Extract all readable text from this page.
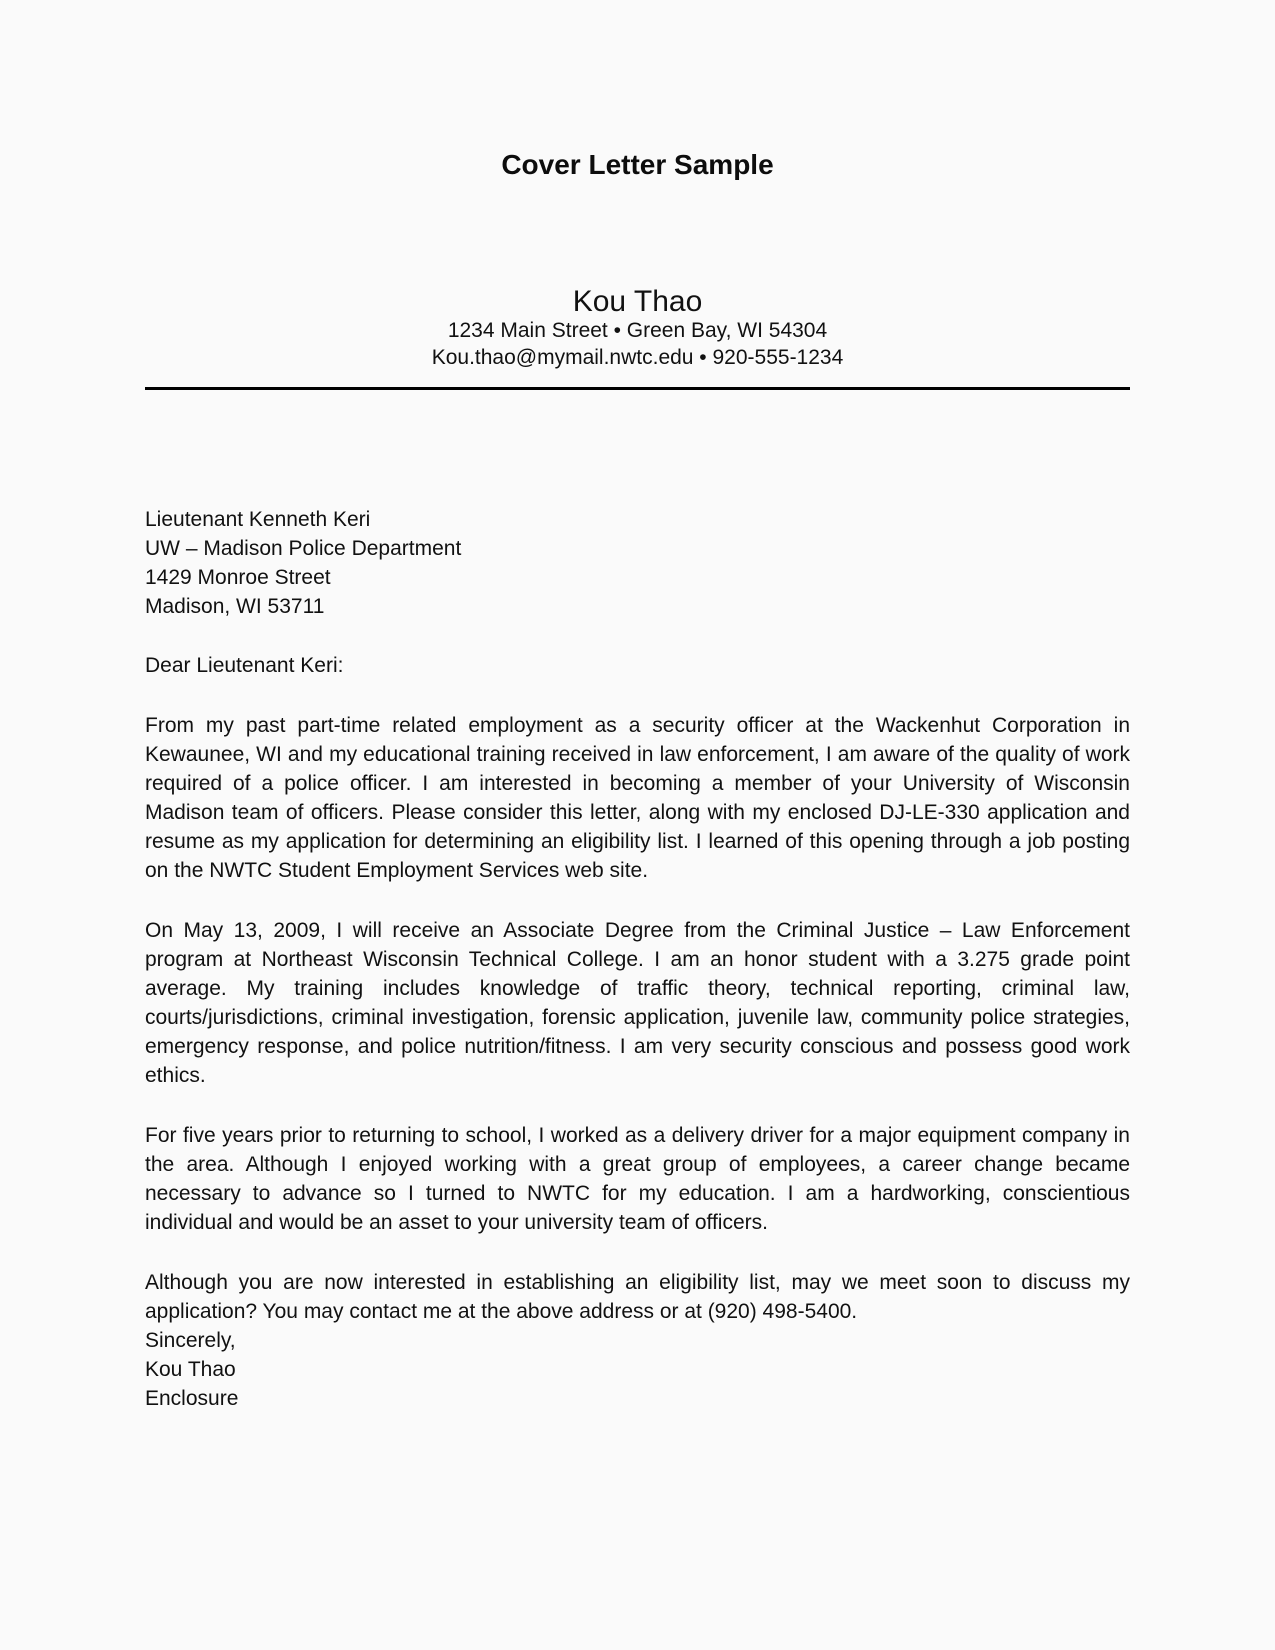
Cover Letter Sample
Kou Thao
1234 Main Street • Green Bay, WI 54304
Kou.thao@mymail.nwtc.edu • 920-555-1234
Lieutenant Kenneth Keri
UW – Madison Police Department
1429 Monroe Street
Madison, WI 53711

Dear Lieutenant Keri:

From my past part-time related employment as a security officer at the Wackenhut Corporation in Kewaunee, WI and my educational training received in law enforcement, I am aware of the quality of work required of a police officer. I am interested in becoming a member of your University of Wisconsin Madison team of officers. Please consider this letter, along with my enclosed DJ-LE-330 application and resume as my application for determining an eligibility list. I learned of this opening through a job posting on the NWTC Student Employment Services web site.

On May 13, 2009, I will receive an Associate Degree from the Criminal Justice – Law Enforcement program at Northeast Wisconsin Technical College. I am an honor student with a 3.275 grade point average. My training includes knowledge of traffic theory, technical reporting, criminal law, courts/jurisdictions, criminal investigation, forensic application, juvenile law, community police strategies, emergency response, and police nutrition/fitness. I am very security conscious and possess good work ethics.

For five years prior to returning to school, I worked as a delivery driver for a major equipment company in the area. Although I enjoyed working with a great group of employees, a career change became necessary to advance so I turned to NWTC for my education. I am a hardworking, conscientious individual and would be an asset to your university team of officers.

Although you are now interested in establishing an eligibility list, may we meet soon to discuss my application? You may contact me at the above address or at (920) 498-5400.

Sincerely,

Kou Thao

Enclosure
